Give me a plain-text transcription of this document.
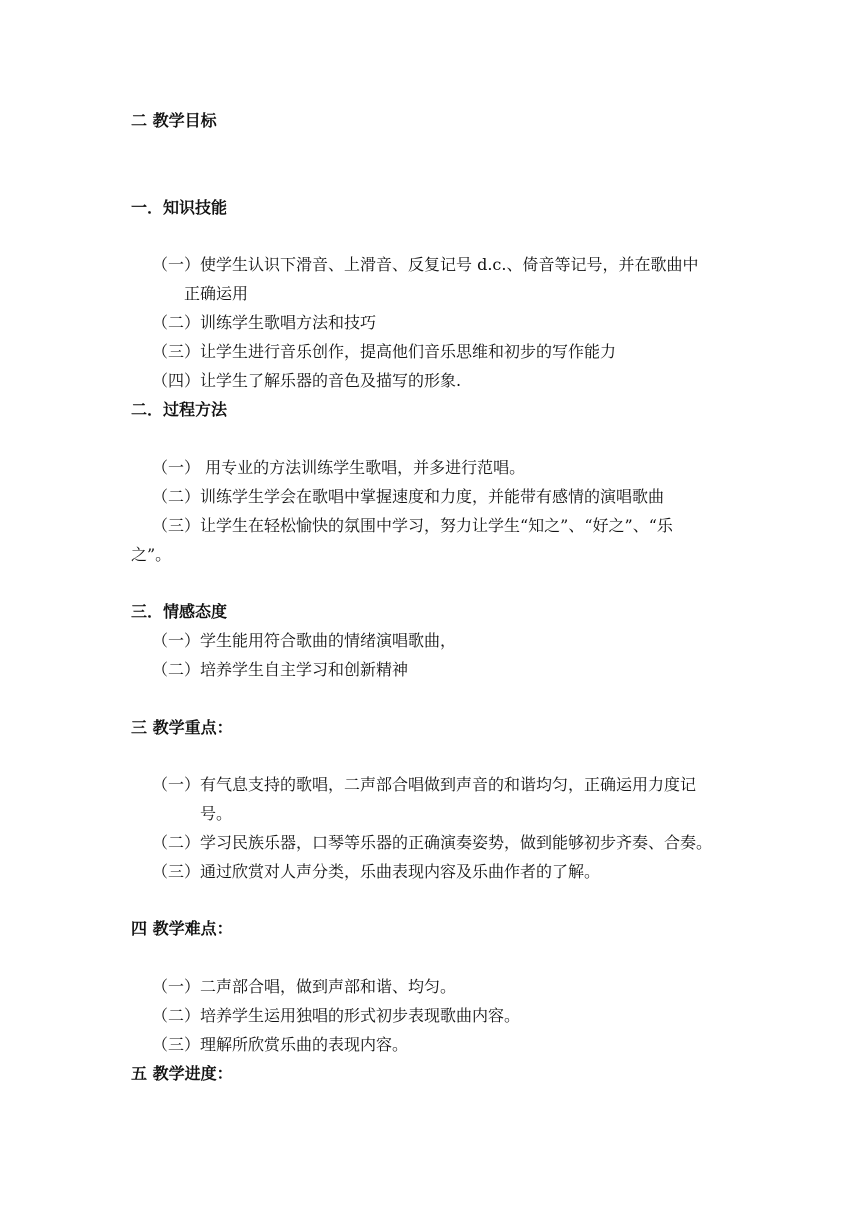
二 教学目标
一．知识技能
（一）使学生认识下滑音、上滑音、反复记号 d.c.、倚音等记号，并在歌曲中
正确运用
（二）训练学生歌唱方法和技巧
（三）让学生进行音乐创作，提高他们音乐思维和初步的写作能力
（四）让学生了解乐器的音色及描写的形象.
二．过程方法
（一） 用专业的方法训练学生歌唱，并多进行范唱。
（二）训练学生学会在歌唱中掌握速度和力度，并能带有感情的演唱歌曲
（三）让学生在轻松愉快的氛围中学习，努力让学生“知之”、“好之”、“乐
之”。
三．情感态度
（一）学生能用符合歌曲的情绪演唱歌曲，
（二）培养学生自主学习和创新精神
三 教学重点：
（一）有气息支持的歌唱，二声部合唱做到声音的和谐均匀，正确运用力度记
号。
（二）学习民族乐器，口琴等乐器的正确演奏姿势，做到能够初步齐奏、合奏。
（三）通过欣赏对人声分类，乐曲表现内容及乐曲作者的了解。
四 教学难点：
（一）二声部合唱，做到声部和谐、均匀。
（二）培养学生运用独唱的形式初步表现歌曲内容。
（三）理解所欣赏乐曲的表现内容。
五 教学进度：
